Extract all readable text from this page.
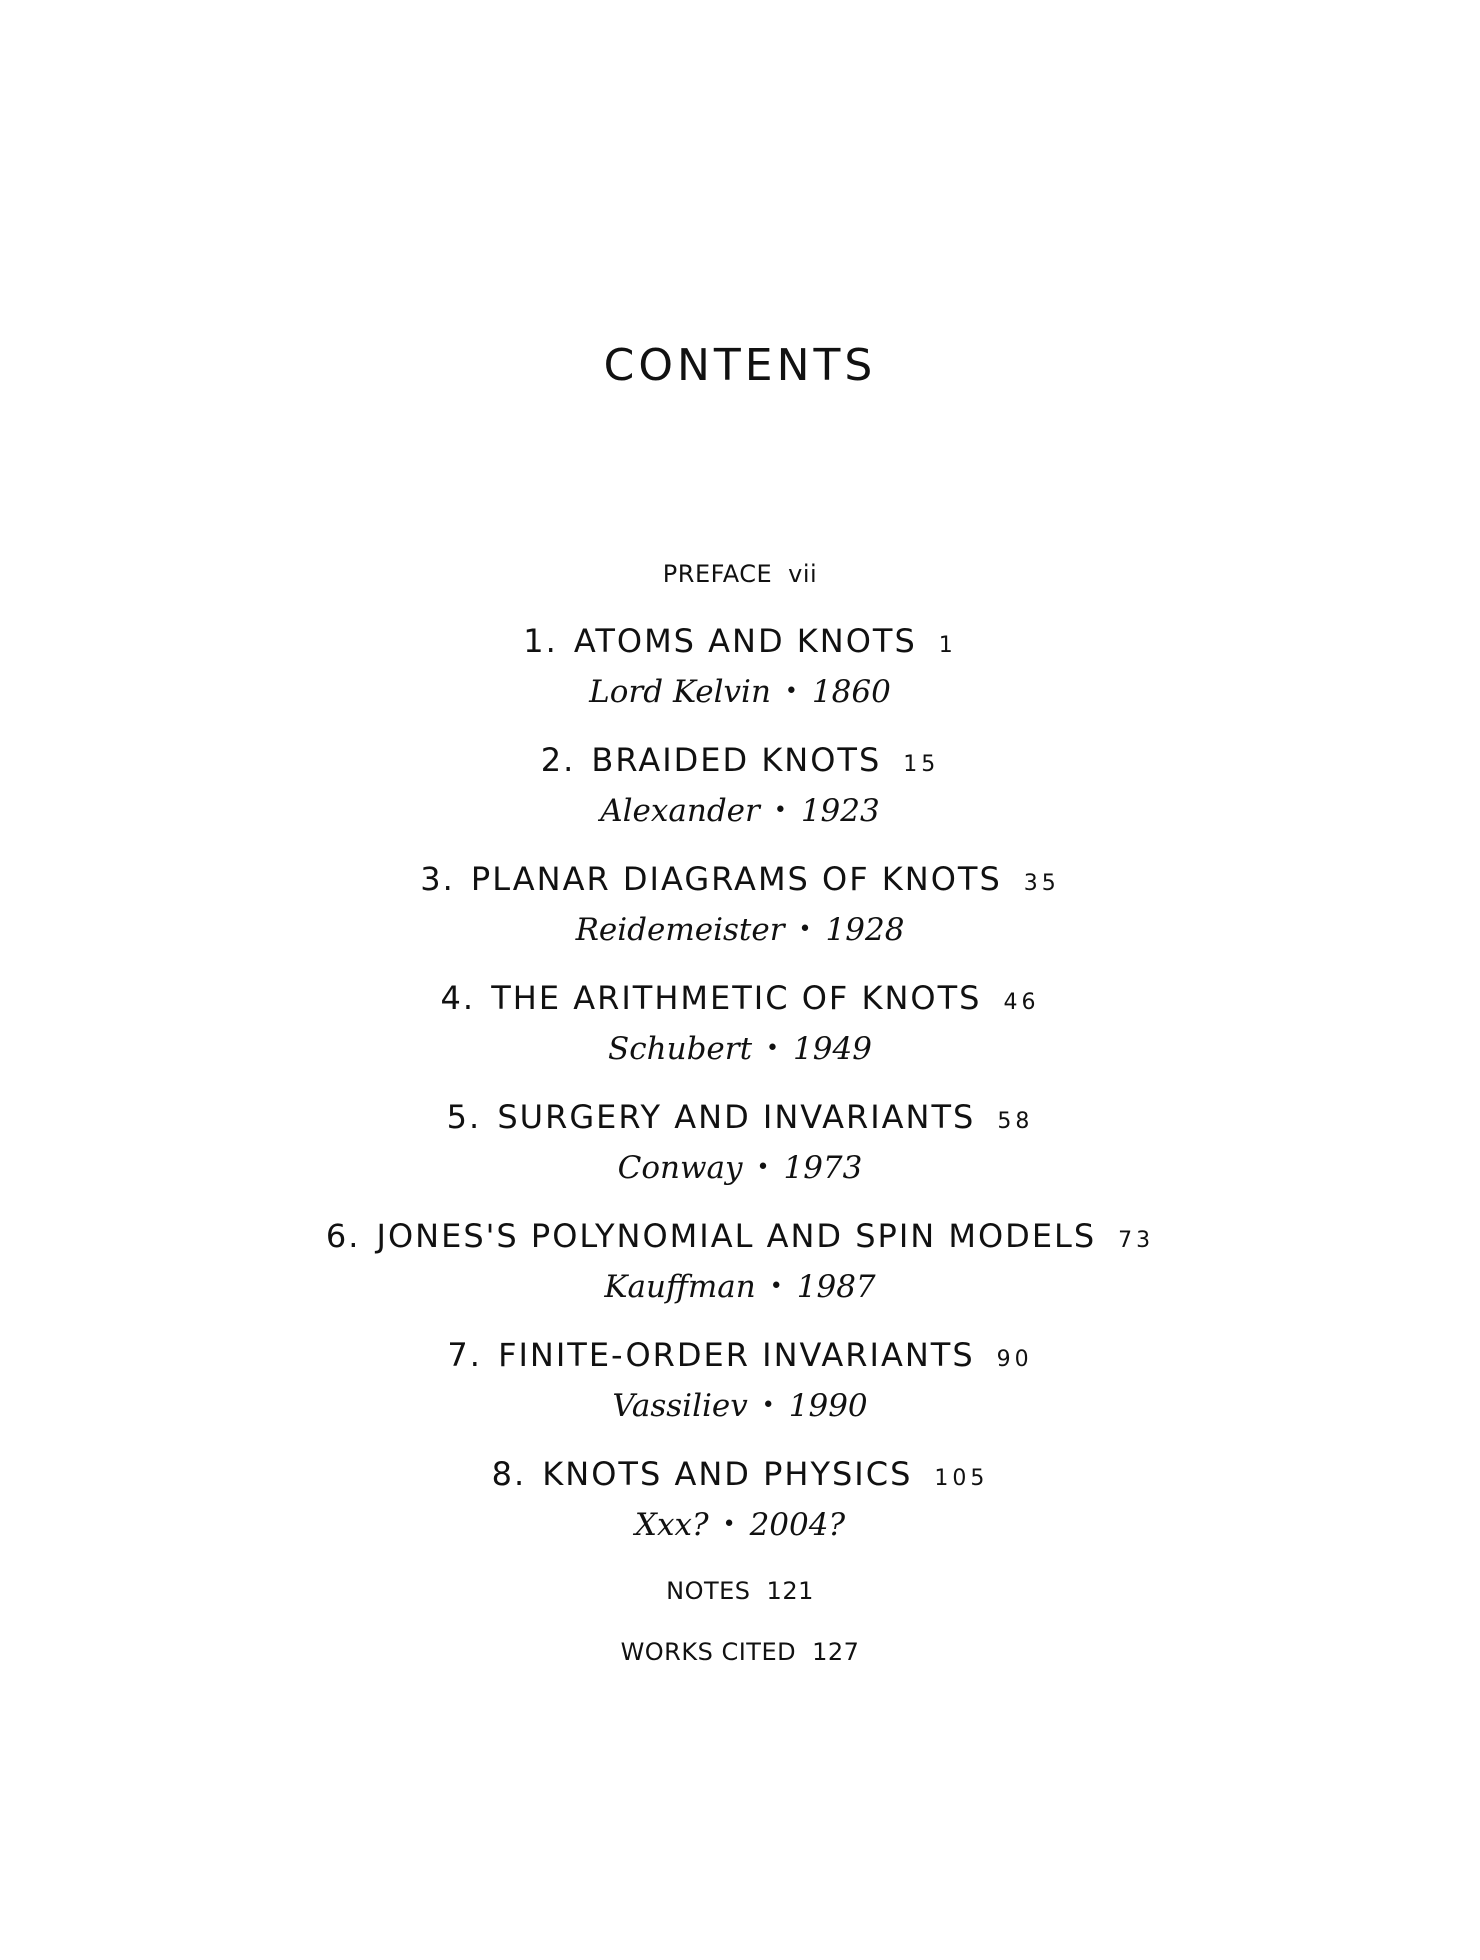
CONTENTS
PREFACE vii
1. ATOMS AND KNOTS 1
Lord Kelvin • 1860
2. BRAIDED KNOTS 15
Alexander • 1923
3. PLANAR DIAGRAMS OF KNOTS 35
Reidemeister • 1928
4. THE ARITHMETIC OF KNOTS 46
Schubert • 1949
5. SURGERY AND INVARIANTS 58
Conway • 1973
6. JONES'S POLYNOMIAL AND SPIN MODELS 73
Kauffman • 1987
7. FINITE-ORDER INVARIANTS 90
Vassiliev • 1990
8. KNOTS AND PHYSICS 105
Xxx? • 2004?
NOTES 121
WORKS CITED 127
